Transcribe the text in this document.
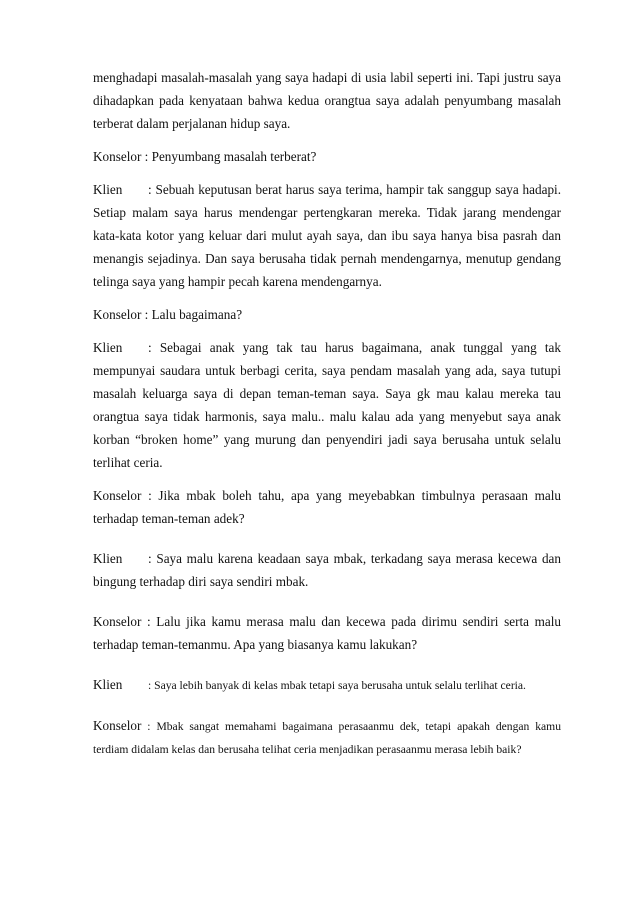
menghadapi masalah-masalah yang saya hadapi di usia labil seperti ini. Tapi justru saya dihadapkan pada kenyataan bahwa kedua orangtua saya adalah penyumbang masalah terberat dalam perjalanan hidup saya.

Konselor : Penyumbang masalah terberat?

Klien : Sebuah keputusan berat harus saya terima, hampir tak sanggup saya hadapi. Setiap malam saya harus mendengar pertengkaran mereka. Tidak jarang mendengar kata-kata kotor yang keluar dari mulut ayah saya, dan ibu saya hanya bisa pasrah dan menangis sejadinya. Dan saya berusaha tidak pernah mendengarnya, menutup gendang telinga saya yang hampir pecah karena mendengarnya.

Konselor : Lalu bagaimana?

Klien : Sebagai anak yang tak tau harus bagaimana, anak tunggal yang tak mempunyai saudara untuk berbagi cerita, saya pendam masalah yang ada, saya tutupi masalah keluarga saya di depan teman-teman saya. Saya gk mau kalau mereka tau orangtua saya tidak harmonis, saya malu.. malu kalau ada yang menyebut saya anak korban “broken home” yang murung dan penyendiri jadi saya berusaha untuk selalu terlihat ceria.

Konselor : Jika mbak boleh tahu, apa yang meyebabkan timbulnya perasaan malu terhadap teman-teman adek?

Klien : Saya malu karena keadaan saya mbak, terkadang saya merasa kecewa dan bingung terhadap diri saya sendiri mbak.

Konselor : Lalu jika kamu merasa malu dan kecewa pada dirimu sendiri serta malu terhadap teman-temanmu. Apa yang biasanya kamu lakukan?

Klien : Saya lebih banyak di kelas mbak tetapi saya berusaha untuk selalu terlihat ceria.

Konselor : Mbak sangat memahami bagaimana perasaanmu dek, tetapi apakah dengan kamu terdiam didalam kelas dan berusaha telihat ceria menjadikan perasaanmu merasa lebih baik?
